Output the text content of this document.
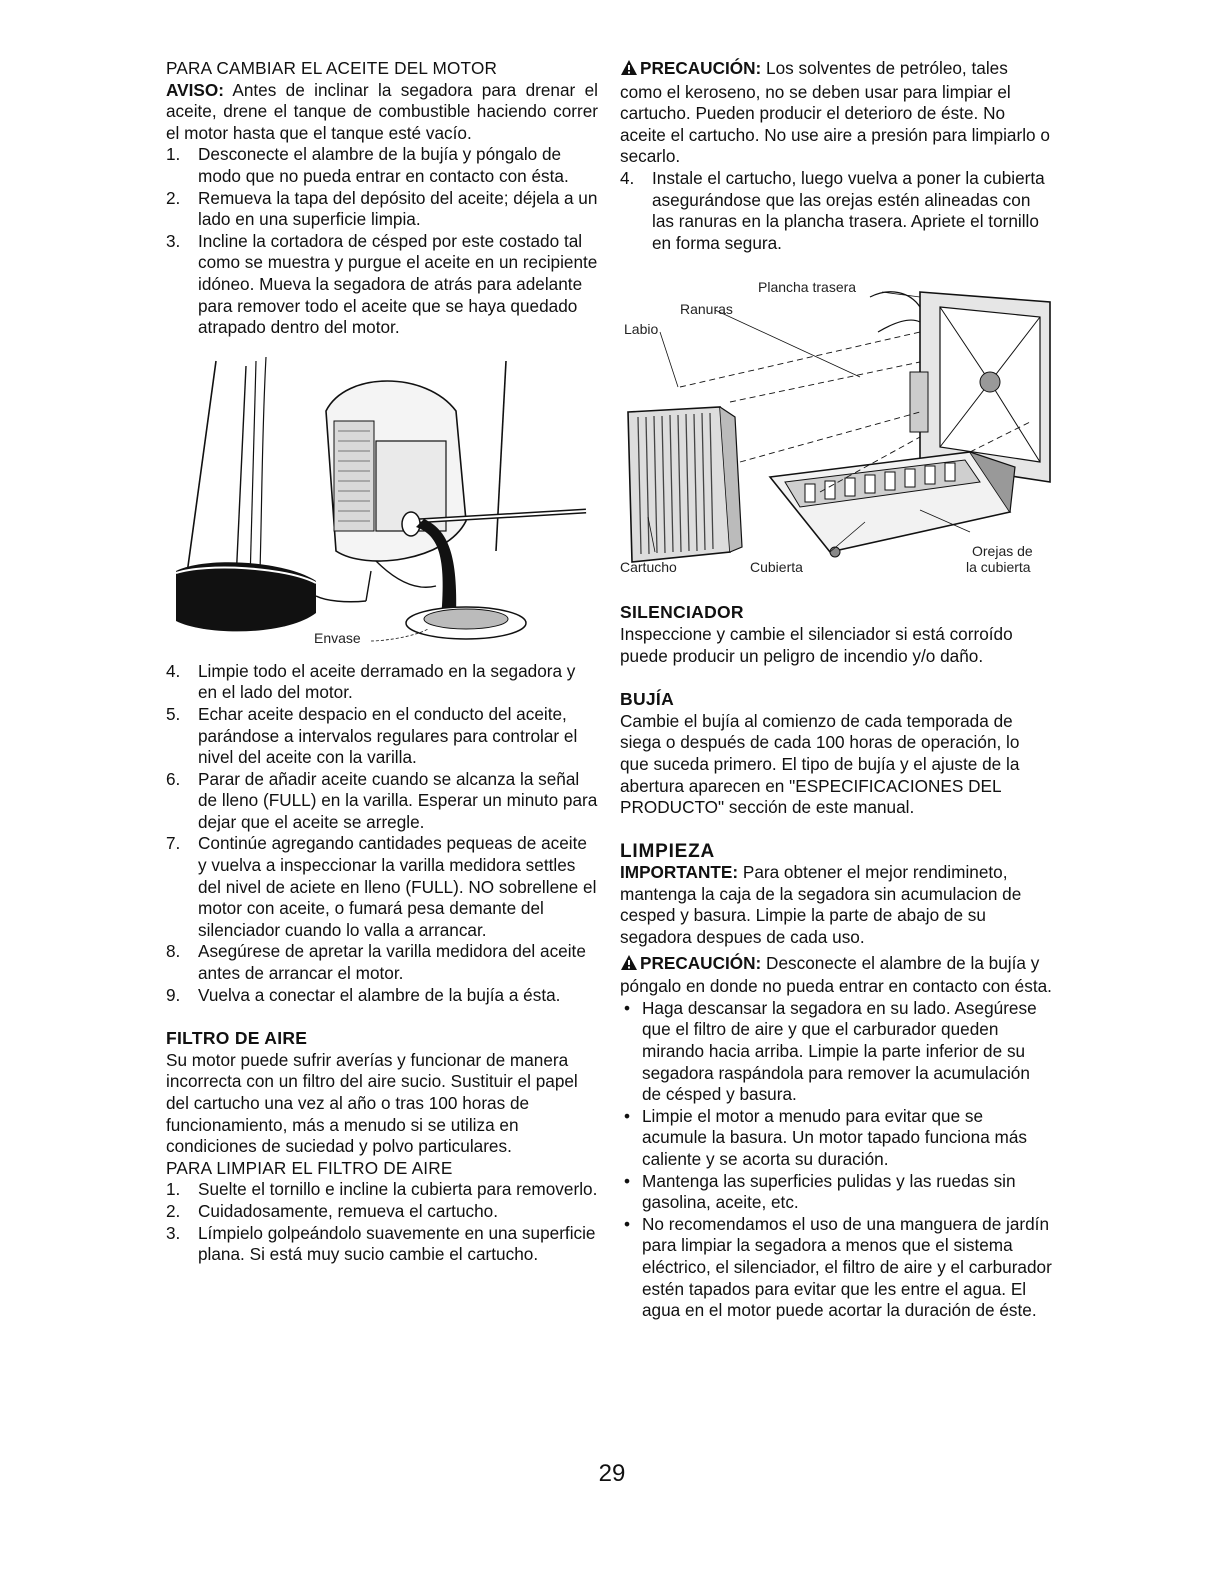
PARA CAMBIAR EL ACEITE DEL MOTOR

AVISO: Antes de inclinar la segadora para drenar el aceite, drene el tanque de combustible haciendo correr el motor hasta que el tanque esté vacío.

1. Desconecte el alambre de la bujía y póngalo de modo que no pueda entrar en contacto con ésta.
2. Remueva la tapa del depósito del aceite; déjela a un lado en una superficie limpia.
3. Incline la cortadora de césped por este costado tal como se muestra y purgue el aceite en un recipiente idóneo. Mueva la segadora de atrás para adelante para remover todo el aceite que se haya quedado atrapado dentro del motor.
Envase
4. Limpie todo el aceite derramado en la segadora y en el lado del motor.
5. Echar aceite despacio en el conducto del aceite, parándose a intervalos regulares para controlar el nivel del aceite con la varilla.
6. Parar de añadir aceite cuando se alcanza la señal de lleno (FULL) en la varilla. Esperar un minuto para dejar que el aceite se arregle.
7. Continúe agregando cantidades pequeas de aceite y vuelva a inspeccionar la varilla medidora settles del nivel de aciete en lleno (FULL). NO sobrellene el motor con aceite, o fumará pesa demante del silenciador cuando lo valla a arrancar.
8. Asegúrese de apretar la varilla medidora del aceite antes de arrancar el motor.
9. Vuelva a conectar el alambre de la bujía a ésta.

FILTRO DE AIRE

Su motor puede sufrir averías y funcionar de manera incorrecta con un filtro del aire sucio. Sustituir el papel del cartucho una vez al año o tras 100 horas de funcionamiento, más a menudo si se utiliza en condiciones de suciedad y polvo particulares.

PARA LIMPIAR EL FILTRO DE AIRE

1. Suelte el tornillo e incline la cubierta para removerlo.
2. Cuidadosamente, remueva el cartucho.
3. Límpielo golpeándolo suavemente en una superficie plana. Si está muy sucio cambie el cartucho.

PRECAUCIÓN: Los solventes de petróleo, tales como el keroseno, no se deben usar para limpiar el cartucho. Pueden producir el deterioro de éste. No aceite el cartucho. No use aire a presión para limpiarlo o secarlo.

4. Instale el cartucho, luego vuelva a poner la cubierta asegurándose que las orejas estén alineadas con las ranuras en la plancha trasera. Apriete el tornillo en forma segura.
Plancha trasera
Ranuras
Labio
Cartucho	Cubierta
Orejas de
la cubierta

SILENCIADOR

Inspeccione y cambie el silenciador si está corroído puede producir un peligro de incendio y/o daño.

BUJÍA

Cambie el bujía al comienzo de cada temporada de siega o después de cada 100 horas de operación, lo que suceda primero. El tipo de bujía y el ajuste de la abertura aparecen en "ESPECIFICACIONES DEL PRODUCTO" sección de este manual.

LIMPIEZA

IMPORTANTE: Para obtener el mejor rendimineto, mantenga la caja de la segadora sin acumulacion de cesped y basura. Limpie la parte de abajo de su segadora despues de cada uso.

PRECAUCIÓN: Desconecte el alambre de la bujía y póngalo en donde no pueda entrar en contacto con ésta.

• Haga descansar la segadora en su lado. Asegúrese que el filtro de aire y que el carburador queden mirando hacia arriba. Limpie la parte inferior de su segadora raspándola para remover la acumulación de césped y basura.
• Limpie el motor a menudo para evitar que se acumule la basura. Un motor tapado funciona más caliente y se acorta su duración.
• Mantenga las superficies pulidas y las ruedas sin gasolina, aceite, etc.
• No recomendamos el uso de una manguera de jardín para limpiar la segadora a menos que el sistema eléctrico, el silenciador, el filtro de aire y el carburador estén tapados para evitar que les entre el agua. El agua en el motor puede acortar la duración de éste.
29
